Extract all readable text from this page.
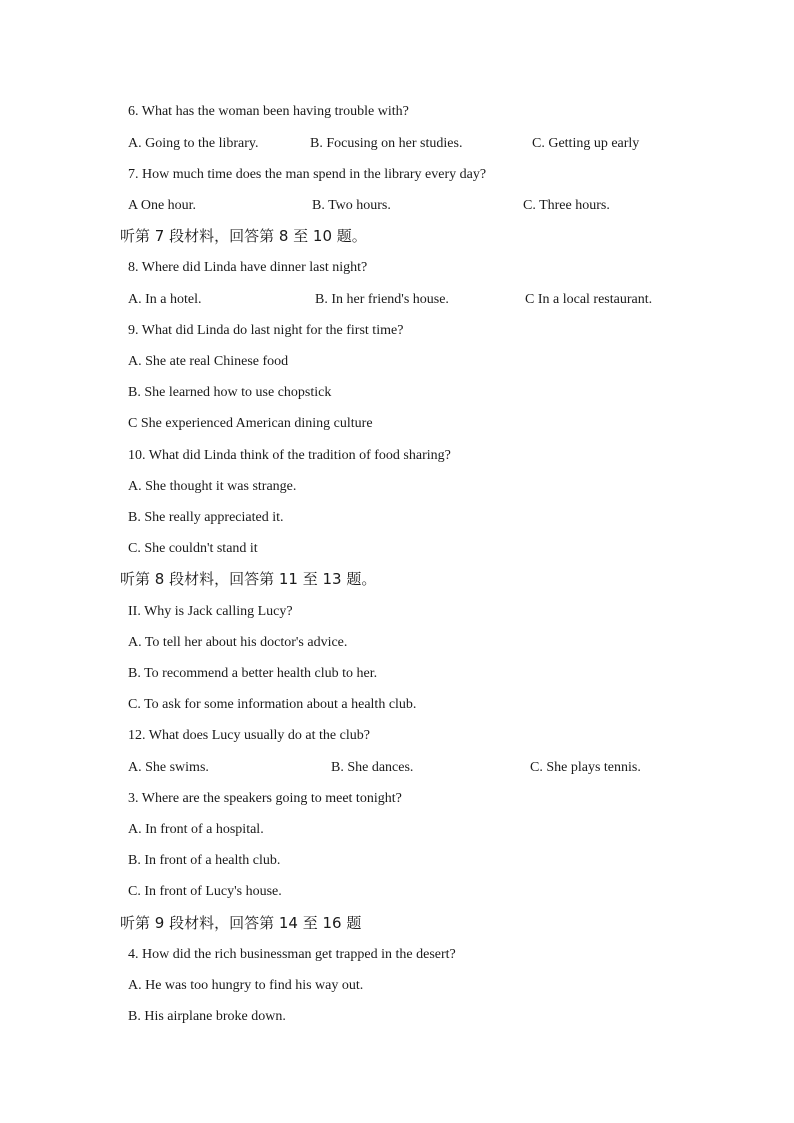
6. What has the woman been having trouble with?
A. Going to the library.	B. Focusing on her studies.	C. Getting up early
7. How much time does the man spend in the library every day?
A One hour.	B. Two hours.	C. Three hours.
听第 7 段材料，回答第 8 至 10 题。
8. Where did Linda have dinner last night?
A. In a hotel.	B. In her friend's house.	C In a local restaurant.
9. What did Linda do last night for the first time?
A. She ate real Chinese food
B. She learned how to use chopstick
C She experienced American dining culture
10. What did Linda think of the tradition of food sharing?
A. She thought it was strange.
B. She really appreciated it.
C. She couldn't stand it
听第 8 段材料，回答第 11 至 13 题。
II. Why is Jack calling Lucy?
A. To tell her about his doctor's advice.
B. To recommend a better health club to her.
C. To ask for some information about a health club.
12. What does Lucy usually do at the club?
A. She swims.	B. She dances.	C. She plays tennis.
3. Where are the speakers going to meet tonight?
A. In front of a hospital.
B. In front of a health club.
C. In front of Lucy's house.
听第 9 段材料，回答第 14 至 16 题
4. How did the rich businessman get trapped in the desert?
A. He was too hungry to find his way out.
B. His airplane broke down.
